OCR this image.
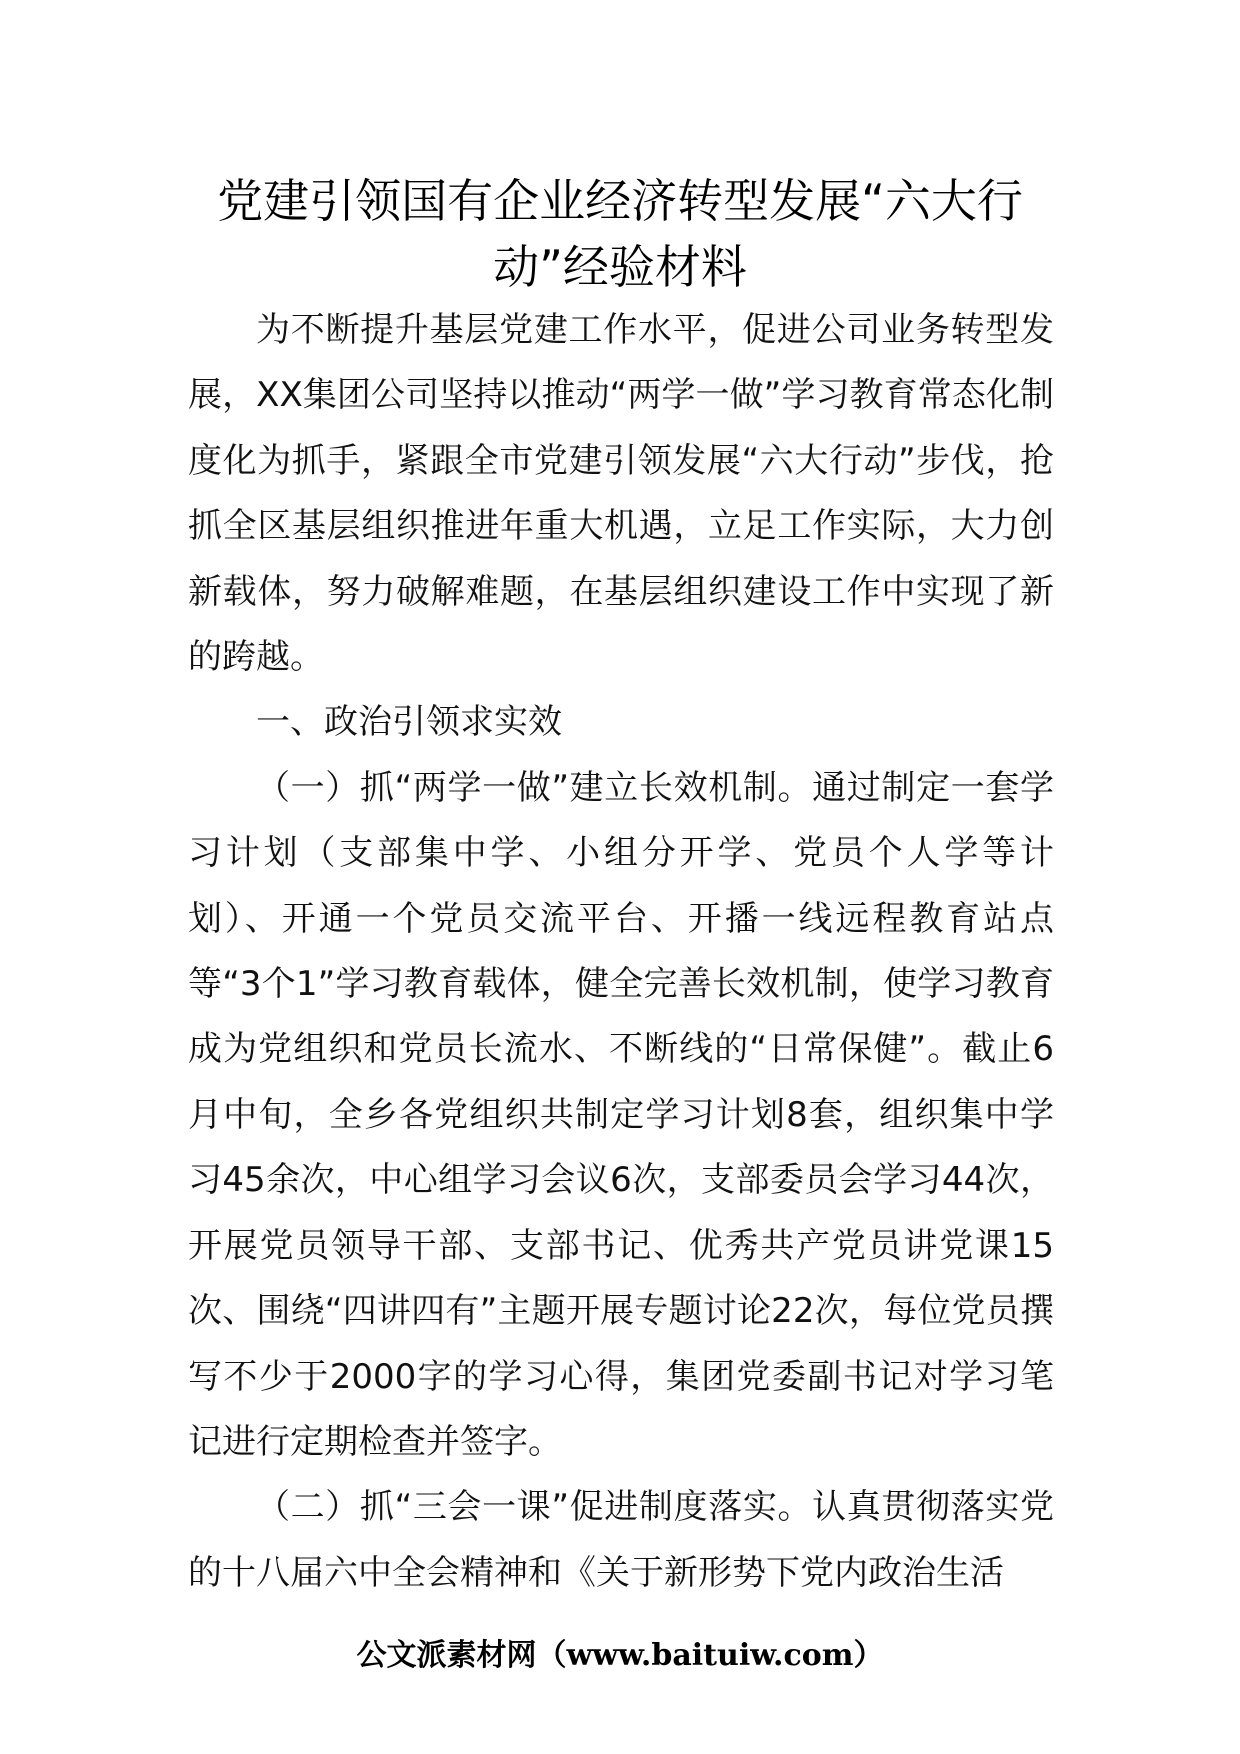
党建引领国有企业经济转型发展“六大行动”经验材料

为不断提升基层党建工作水平，促进公司业务转型发展，XX集团公司坚持以推动“两学一做”学习教育常态化制度化为抓手，紧跟全市党建引领发展“六大行动”步伐，抢抓全区基层组织推进年重大机遇，立足工作实际，大力创新载体，努力破解难题，在基层组织建设工作中实现了新的跨越。

一、政治引领求实效

（一）抓“两学一做”建立长效机制。通过制定一套学习计划（支部集中学、小组分开学、党员个人学等计划）、开通一个党员交流平台、开播一线远程教育站点等“3个1”学习教育载体，健全完善长效机制，使学习教育成为党组织和党员长流水、不断线的“日常保健”。截止6月中旬，全乡各党组织共制定学习计划8套，组织集中学习45余次，中心组学习会议6次，支部委员会学习44次，开展党员领导干部、支部书记、优秀共产党员讲党课15次、围绕“四讲四有”主题开展专题讨论22次，每位党员撰写不少于2000字的学习心得，集团党委副书记对学习笔记进行定期检查并签字。

（二）抓“三会一课”促进制度落实。认真贯彻落实党的十八届六中全会精神和《关于新形势下党内政治生活

公文派素材网（www.baituiw.com）
